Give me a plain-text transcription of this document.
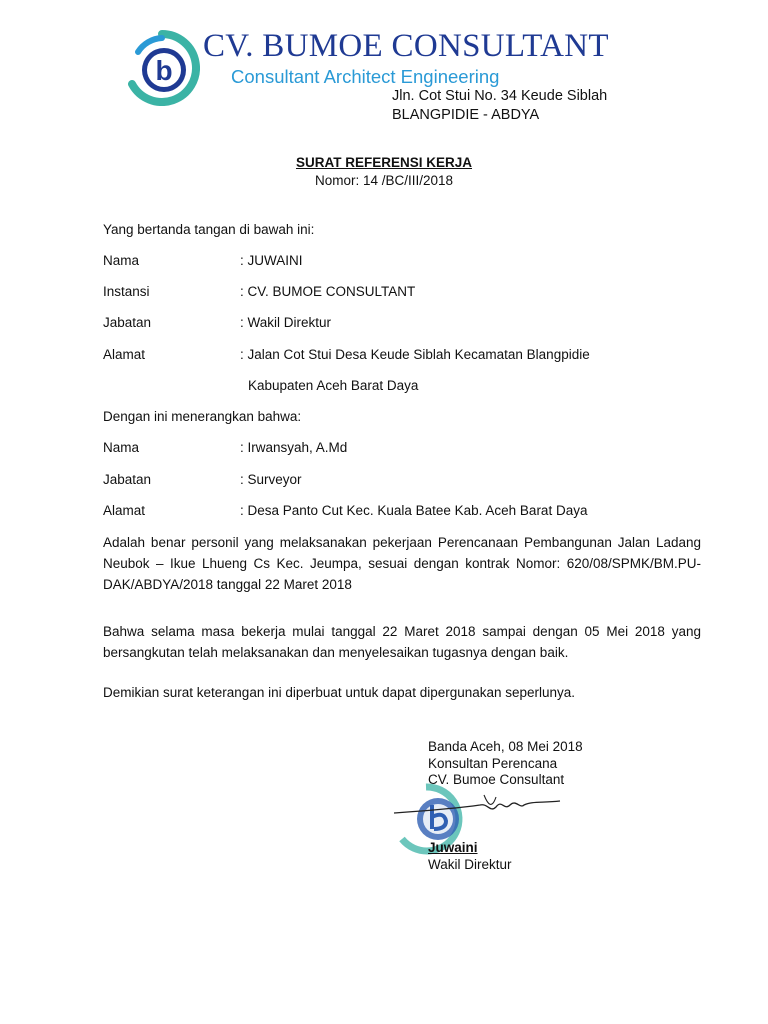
b
CV. BUMOE CONSULTANT
Consultant Architect Engineering
Jln. Cot Stui No. 34 Keude Siblah
BLANGPIDIE - ABDYA
SURAT REFERENSI KERJA
Nomor: 14 /BC/III/2018
Yang bertanda tangan di bawah ini:
Nama	: JUWAINI
Instansi	: CV. BUMOE CONSULTANT
Jabatan	: Wakil Direktur
Alamat	: Jalan Cot Stui Desa Keude Siblah Kecamatan Blangpidie
Kabupaten Aceh Barat Daya
Dengan ini menerangkan bahwa:
Nama	: Irwansyah, A.Md
Jabatan	: Surveyor
Alamat	: Desa Panto Cut Kec. Kuala Batee Kab. Aceh Barat Daya
Adalah benar personil yang melaksanakan pekerjaan Perencanaan Pembangunan Jalan Ladang Neubok – Ikue Lhueng Cs Kec. Jeumpa, sesuai dengan kontrak Nomor: 620/08/SPMK/BM.PU-DAK/ABDYA/2018 tanggal 22 Maret 2018
Bahwa selama masa bekerja mulai tanggal 22 Maret 2018 sampai dengan 05 Mei 2018 yang bersangkutan telah melaksanakan dan menyelesaikan tugasnya dengan baik.
Demikian surat keterangan ini diperbuat untuk dapat dipergunakan seperlunya.
Banda Aceh, 08 Mei 2018
Konsultan Perencana
CV. Bumoe Consultant
Juwaini
Wakil Direktur
